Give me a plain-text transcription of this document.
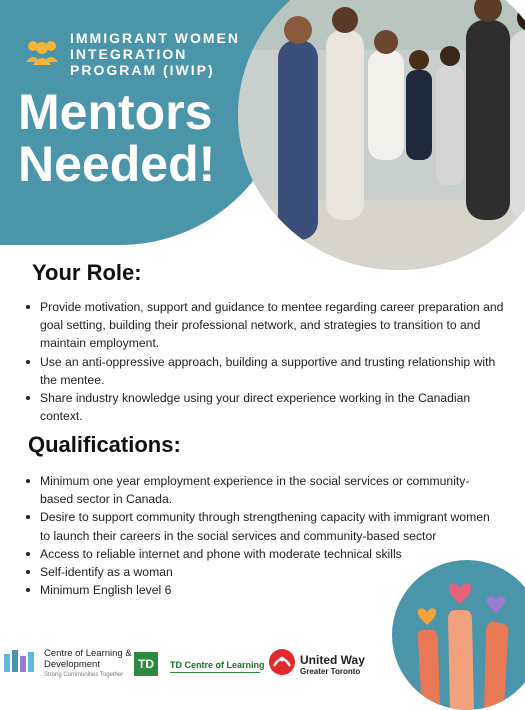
IMMIGRANT WOMEN INTEGRATION PROGRAM (IWIP)
Mentors Needed!
Your Role:
Provide motivation, support and guidance to mentee regarding career preparation and goal setting, building their professional network, and strategies to transition to and maintain employment.
Use an anti-oppressive approach, building a supportive and trusting relationship with the mentee.
Share industry knowledge using your direct experience working in the Canadian context.
Qualifications:
Minimum one year employment experience in the social services or community-based sector in Canada.
Desire to support community through strengthening capacity with immigrant women to launch their careers in the social services and community-based sector
Access to reliable internet and phone with moderate technical skills
Self-identify as a woman
Minimum English level 6
Centre of Learning & Development
Strong Communities Together
TD	TD Centre of Learning	United Way
Greater Toronto
